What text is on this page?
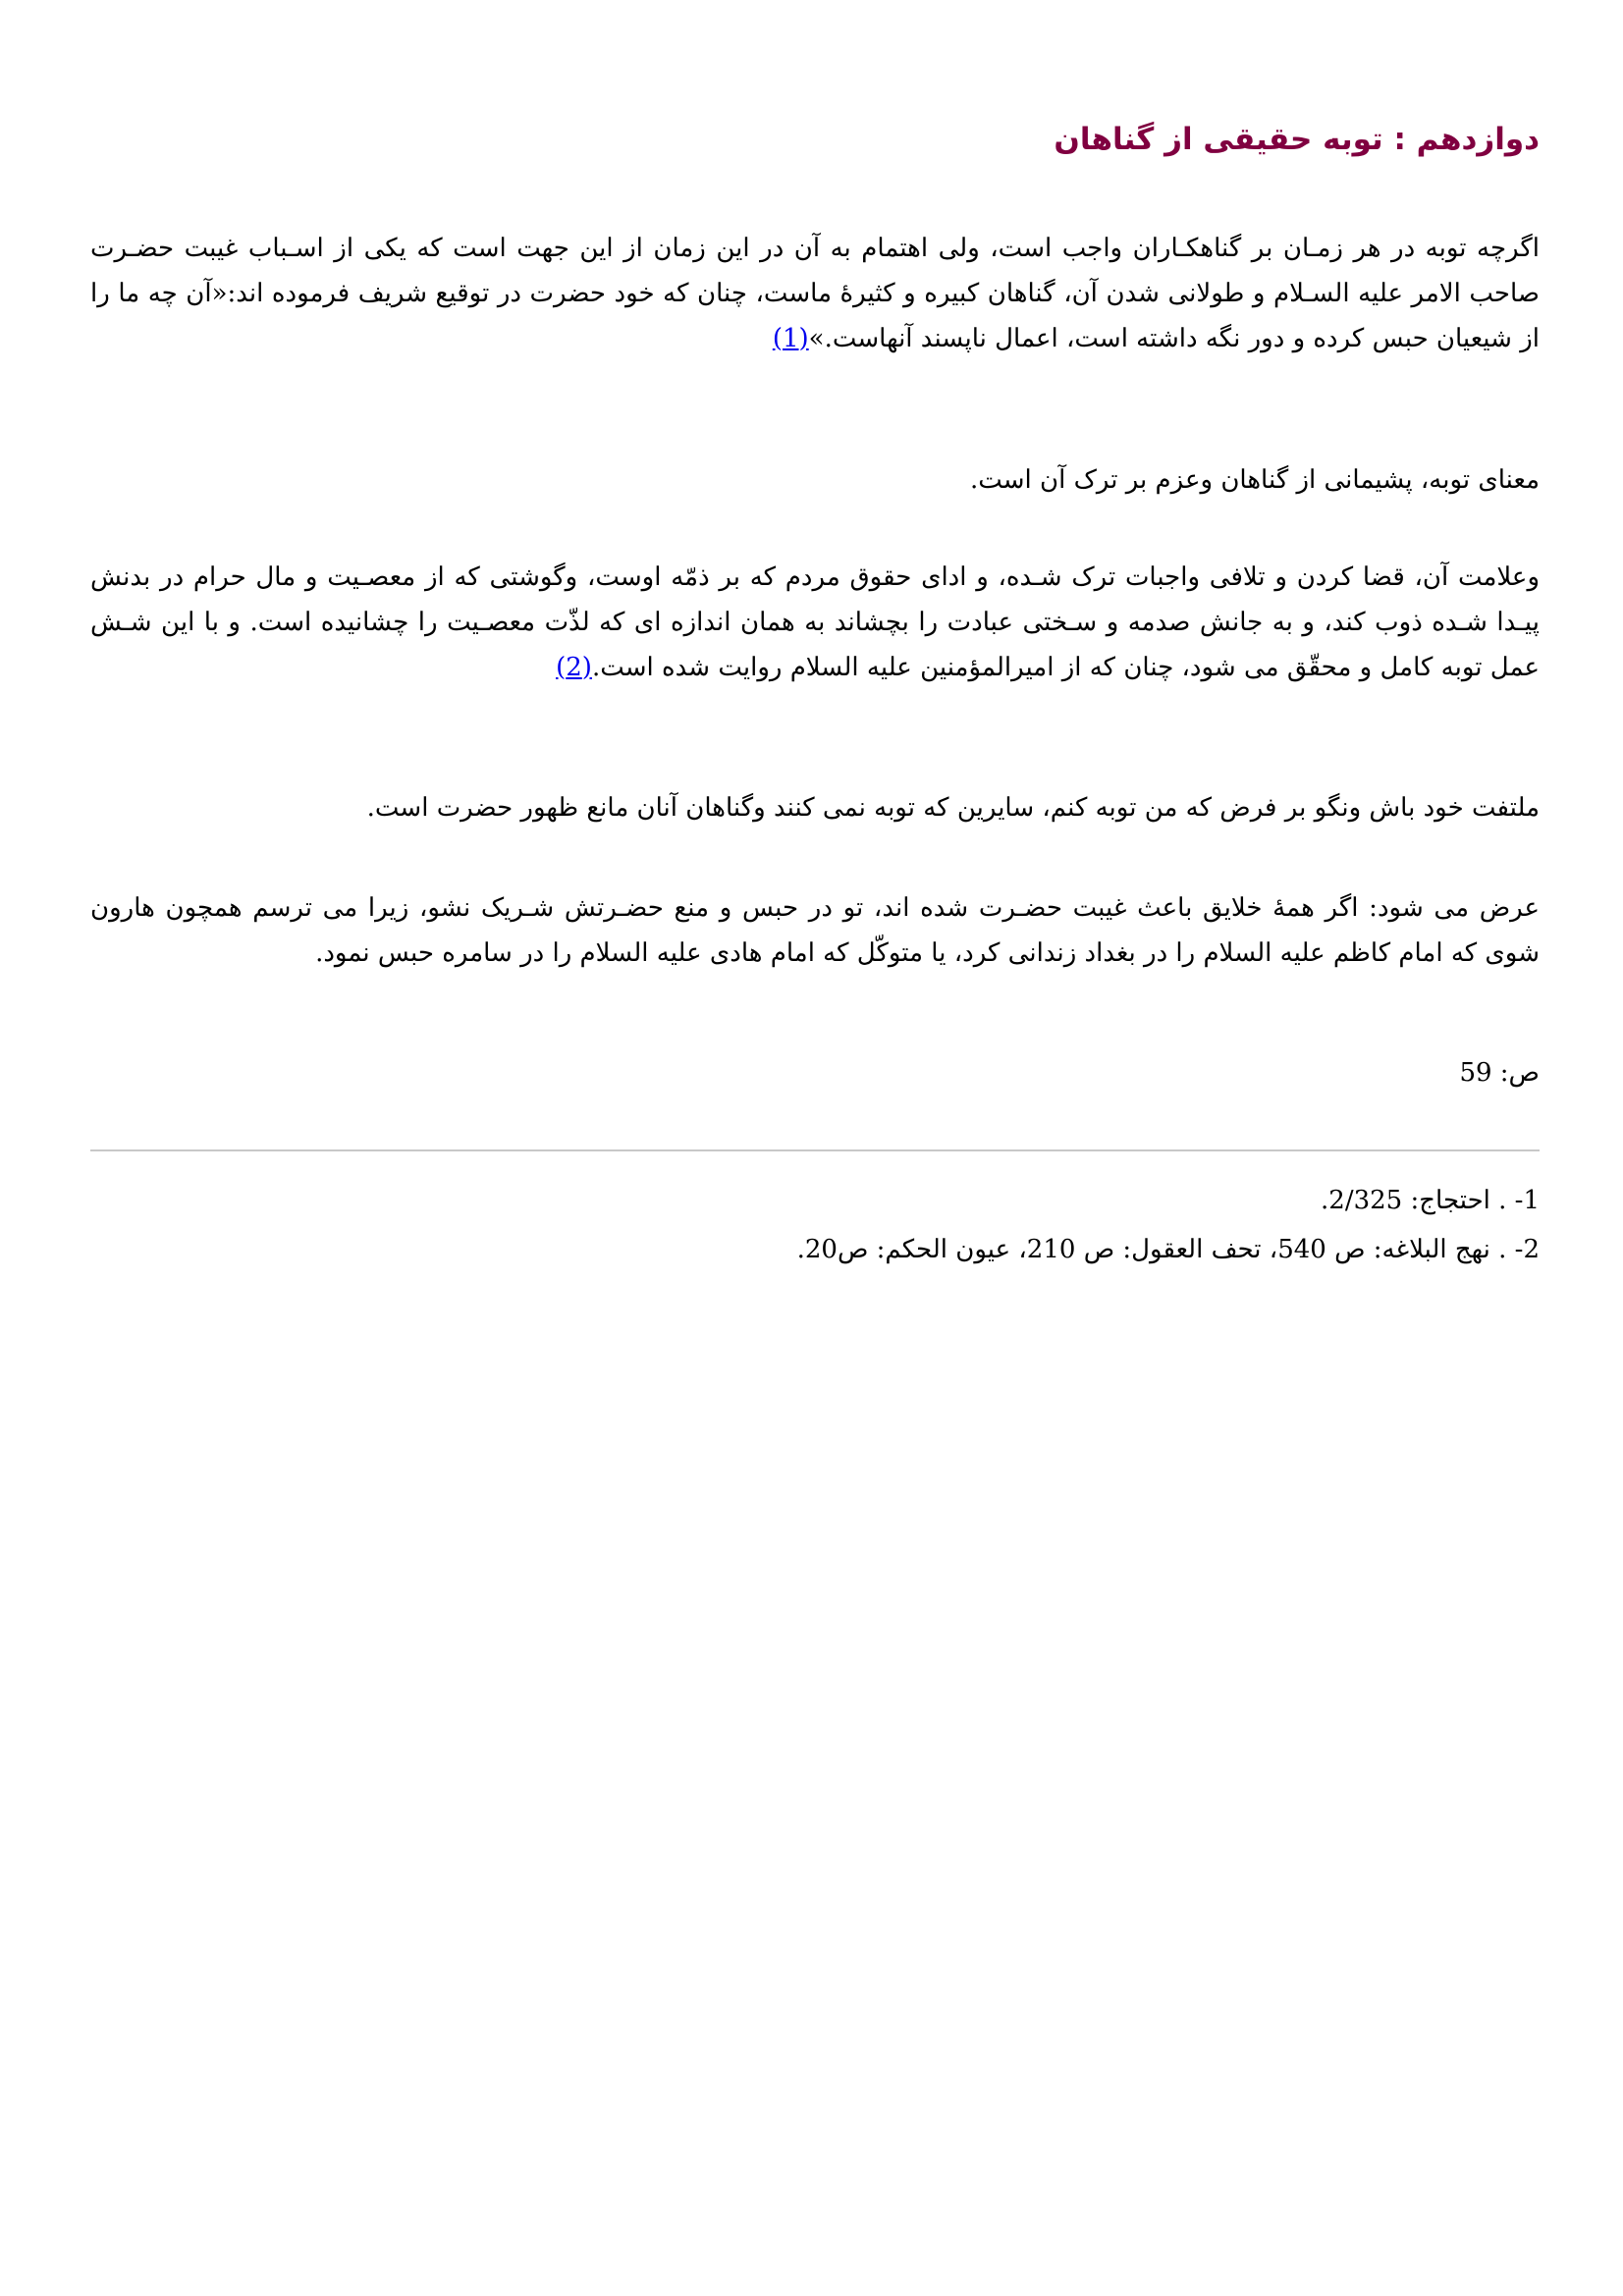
دوازدهم : توبه حقیقی از گناهان

اگرچه توبه در هر زمـان بر گناهکـاران واجب است، ولی اهتمام به آن در این زمان از این جهت است که یکی از اسـباب غیبت حضـرت صاحب الامر علیه السـلام و طولانی شدن آن، گناهان کبیره و کثیرهٔ ماست، چنان که خود حضرت در توقیع شریف فرموده اند:«آن چه ما را از شیعیان حبس کرده و دور نگه داشته است، اعمال ناپسند آنهاست.»(1)

معنای توبه، پشیمانی از گناهان وعزم بر ترک آن است.

وعلامت آن، قضا کردن و تلافی واجبات ترک شـده، و ادای حقوق مردم که بر ذمّه اوست، وگوشتی که از معصـیت و مال حرام در بدنش پیـدا شـده ذوب کند، و به جانش صدمه و سـختی عبادت را بچشاند به همان اندازه ای که لذّت معصـیت را چشانیده است. و با این شـش عمل توبه کامل و محقّق می شود، چنان که از امیرالمؤمنین علیه السلام روایت شده است.(2)

ملتفت خود باش ونگو بر فرض که من توبه کنم، سایرین که توبه نمی کنند وگناهان آنان مانع ظهور حضرت است.

عرض می شود: اگر همهٔ خلایق باعث غیبت حضـرت شده اند، تو در حبس و منع حضـرتش شـریک نشو، زیرا می ترسم همچون هارون شوی که امام کاظم علیه السلام را در بغداد زندانی کرد، یا متوکّل که امام هادی علیه السلام را در سامره حبس نمود.

ص: 59

1- . احتجاج: 2/325.
2- . نهج البلاغه: ص 540، تحف العقول: ص 210، عیون الحکم: ص20.
